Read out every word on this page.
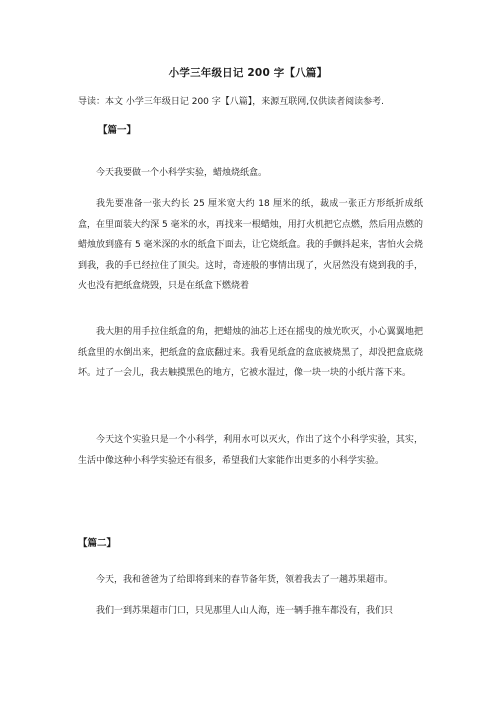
小学三年级日记 200 字【八篇】
导读：本文 小学三年级日记 200 字【八篇】，来源互联网,仅供读者阅读参考.
【篇一】
今天我要做一个小科学实验，蜡烛烧纸盒。
我先要准备一张大约长 25 厘米宽大约 18 厘米的纸，裁成一张正方形纸折成纸盒，在里面装大约深 5 毫米的水，再找来一根蜡烛，用打火机把它点燃，然后用点燃的蜡烛放到盛有 5 毫米深的水的纸盒下面去，让它烧纸盒。我的手颤抖起来，害怕火会烧到我，我的手已经拉住了顶尖。这时，奇迹般的事情出现了，火居然没有烧到我的手，火也没有把纸盒烧毁，只是在纸盒下燃烧着
我大胆的用手拉住纸盒的角，把蜡烛的油芯上还在摇曳的烛光吹灭，小心翼翼地把纸盒里的水倒出来，把纸盒的盒底翻过来。我看见纸盒的盒底被烧黑了，却没把盒底烧坏。过了一会儿，我去触摸黑色的地方，它被水湿过，像一块一块的小纸片落下来。
今天这个实验只是一个小科学，利用水可以灭火，作出了这个小科学实验，其实，生活中像这种小科学实验还有很多，希望我们大家能作出更多的小科学实验。
【篇二】
今天，我和爸爸为了给即将到来的春节备年货，领着我去了一趟苏果超市。
我们一到苏果超市门口，只见那里人山人海，连一辆手推车都没有，我们只
